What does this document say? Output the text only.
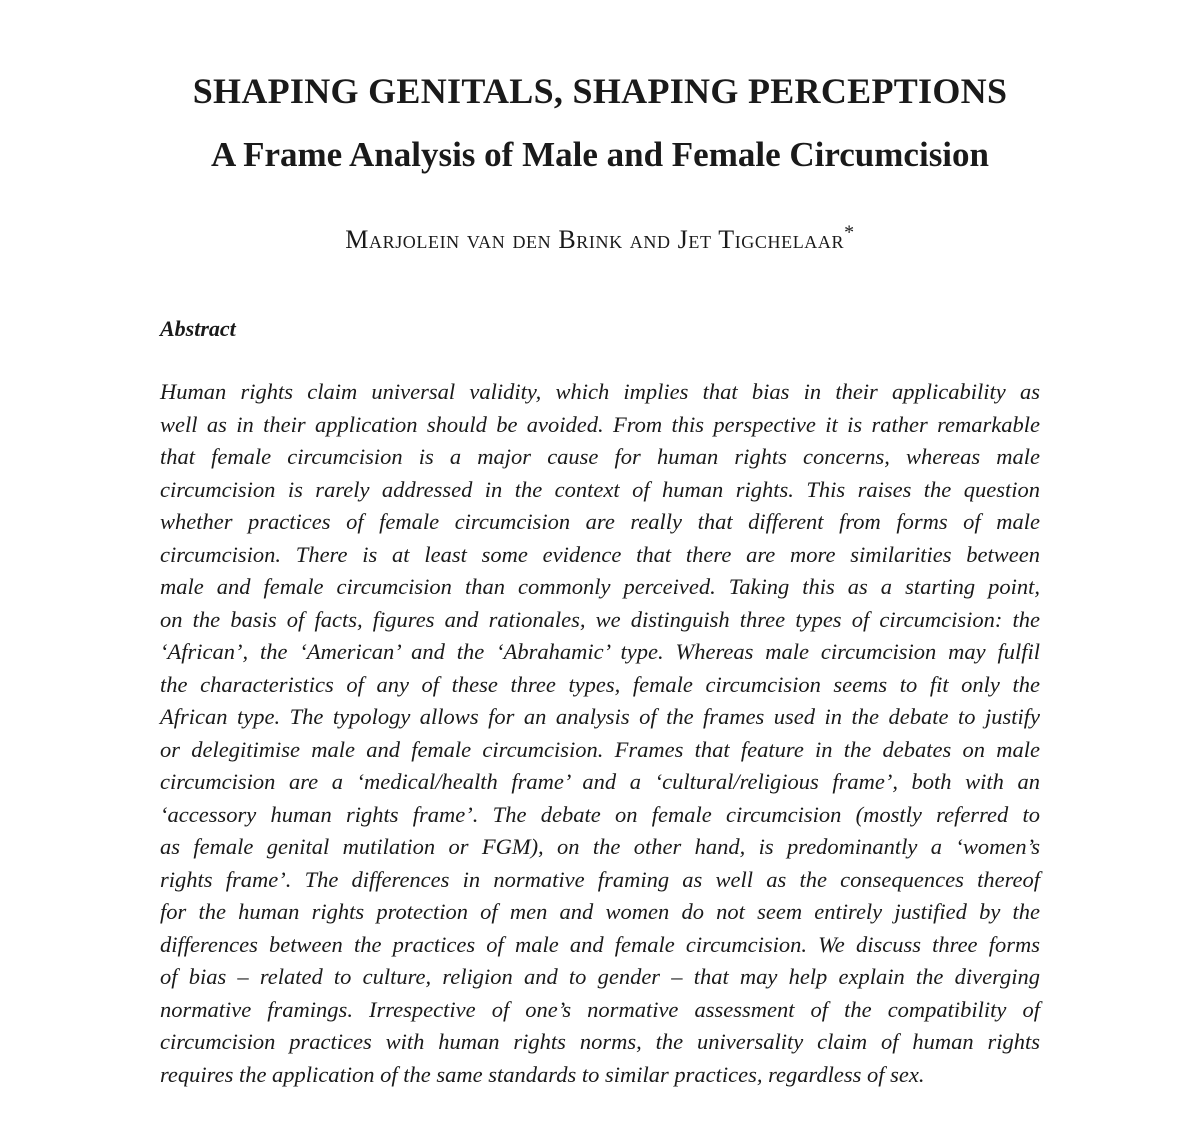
SHAPING GENITALS, SHAPING PERCEPTIONS
A Frame Analysis of Male and Female Circumcision

Marjolein van den Brink and Jet Tigchelaar*

Abstract

Human rights claim universal validity, which implies that bias in their applicability as
well as in their application should be avoided. From this perspective it is rather remarkable
that female circumcision is a major cause for human rights concerns, whereas male
circumcision is rarely addressed in the context of human rights. This raises the question
whether practices of female circumcision are really that different from forms of male
circumcision. There is at least some evidence that there are more similarities between
male and female circumcision than commonly perceived. Taking this as a starting point,
on the basis of facts, figures and rationales, we distinguish three types of circumcision: the
‘African’, the ‘American’ and the ‘Abrahamic’ type. Whereas male circumcision may fulfil
the characteristics of any of these three types, female circumcision seems to fit only the
African type. The typology allows for an analysis of the frames used in the debate to justify
or delegitimise male and female circumcision. Frames that feature in the debates on male
circumcision are a ‘medical/health frame’ and a ‘cultural/religious frame’, both with an
‘accessory human rights frame’. The debate on female circumcision (mostly referred to
as female genital mutilation or FGM), on the other hand, is predominantly a ‘women’s
rights frame’. The differences in normative framing as well as the consequences thereof
for the human rights protection of men and women do not seem entirely justified by the
differences between the practices of male and female circumcision. We discuss three forms
of bias – related to culture, religion and to gender – that may help explain the diverging
normative framings. Irrespective of one’s normative assessment of the compatibility of
circumcision practices with human rights norms, the universality claim of human rights
requires the application of the same standards to similar practices, regardless of sex.
